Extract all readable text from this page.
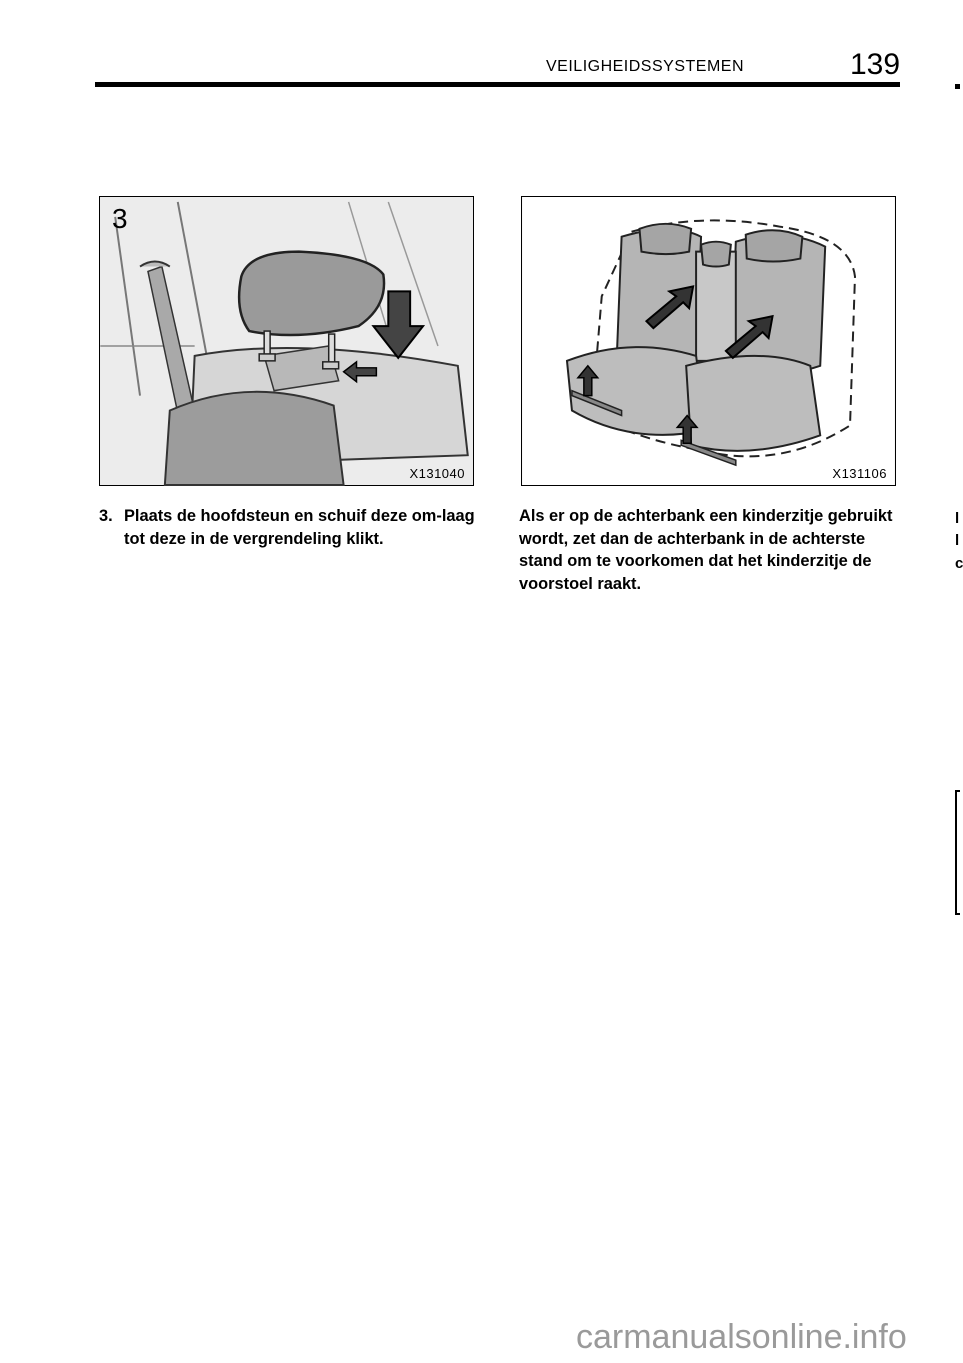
VEILIGHEIDSSYSTEMEN	139
3
X131040	X131106
3. Plaats de hoofdsteun en schuif deze om-laag tot deze in de vergrendeling klikt.
Als er op de achterbank een kinderzitje gebruikt wordt, zet dan de achterbank in de achterste stand om te voorkomen dat het kinderzitje de voorstoel raakt.
l
l
c
carmanualsonline.info
